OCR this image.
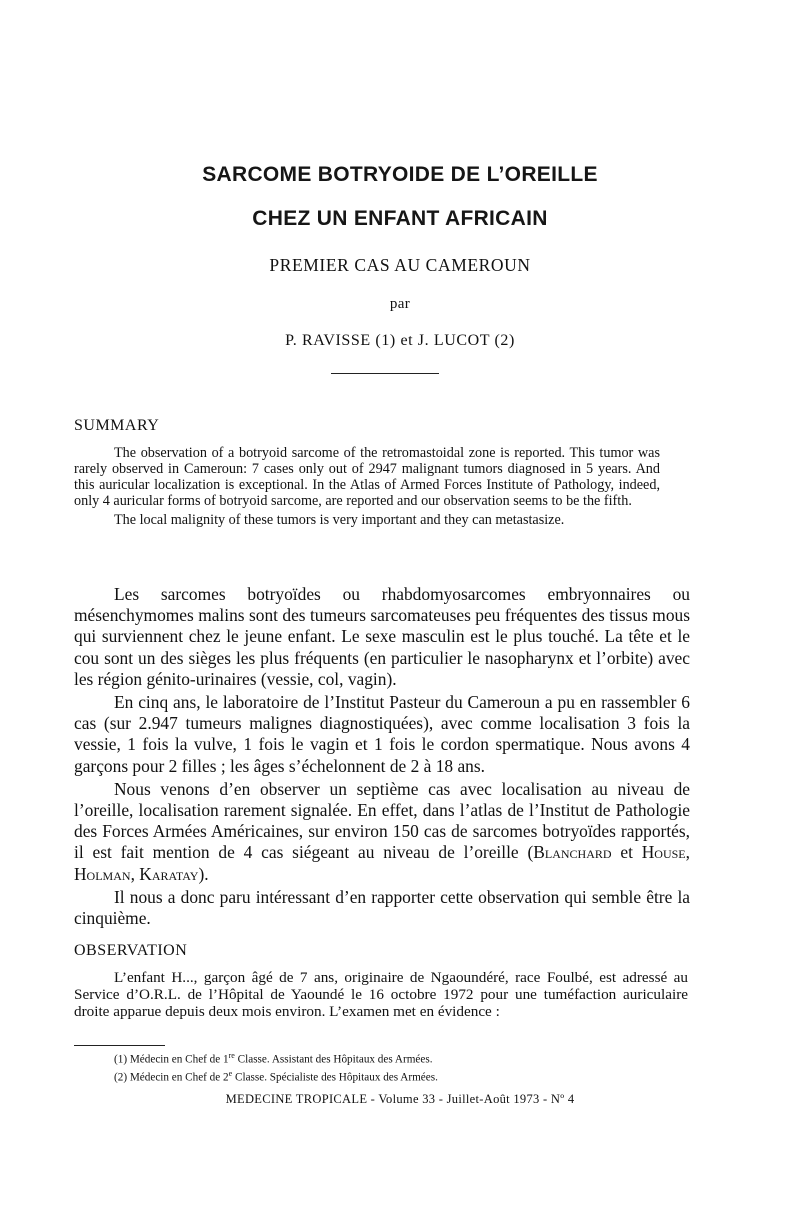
SARCOME BOTRYOIDE DE L’OREILLE
CHEZ UN ENFANT AFRICAIN
PREMIER CAS AU CAMEROUN
par
P. RAVISSE (1) et J. LUCOT (2)
SUMMARY

The observation of a botryoid sarcome of the retromastoidal zone is reported. This tumor was rarely observed in Cameroun: 7 cases only out of 2947 malignant tumors diagnosed in 5 years. And this auricular localization is exceptional. In the Atlas of Armed Forces Institute of Pathology, indeed, only 4 auricular forms of botryoid sarcome, are reported and our observation seems to be the fifth.

The local malignity of these tumors is very important and they can metastasize.

Les sarcomes botryoïdes ou rhabdomyosarcomes embryonnaires ou mésenchymomes malins sont des tumeurs sarcomateuses peu fréquentes des tissus mous qui surviennent chez le jeune enfant. Le sexe masculin est le plus touché. La tête et le cou sont un des sièges les plus fréquents (en particulier le nasopharynx et l’orbite) avec les région génito-urinaires (vessie, col, vagin).

En cinq ans, le laboratoire de l’Institut Pasteur du Cameroun a pu en rassembler 6 cas (sur 2.947 tumeurs malignes diagnostiquées), avec comme localisation 3 fois la vessie, 1 fois la vulve, 1 fois le vagin et 1 fois le cordon spermatique. Nous avons 4 garçons pour 2 filles ; les âges s’échelonnent de 2 à 18 ans.

Nous venons d’en observer un septième cas avec localisation au niveau de l’oreille, localisation rarement signalée. En effet, dans l’atlas de l’Institut de Pathologie des Forces Armées Américaines, sur environ 150 cas de sarcomes botryoïdes rapportés, il est fait mention de 4 cas siégeant au niveau de l’oreille (Blanchard et House, Holman, Karatay).

Il nous a donc paru intéressant d’en rapporter cette observation qui semble être la cinquième.

OBSERVATION

L’enfant H..., garçon âgé de 7 ans, originaire de Ngaoundéré, race Foulbé, est adressé au Service d’O.R.L. de l’Hôpital de Yaoundé le 16 octobre 1972 pour une tuméfaction auriculaire droite apparue depuis deux mois environ. L’examen met en évidence :

(1) Médecin en Chef de 1re Classe. Assistant des Hôpitaux des Armées.
(2) Médecin en Chef de 2e Classe. Spécialiste des Hôpitaux des Armées.
MEDECINE TROPICALE - Volume 33 - Juillet-Août 1973 - Nº 4
